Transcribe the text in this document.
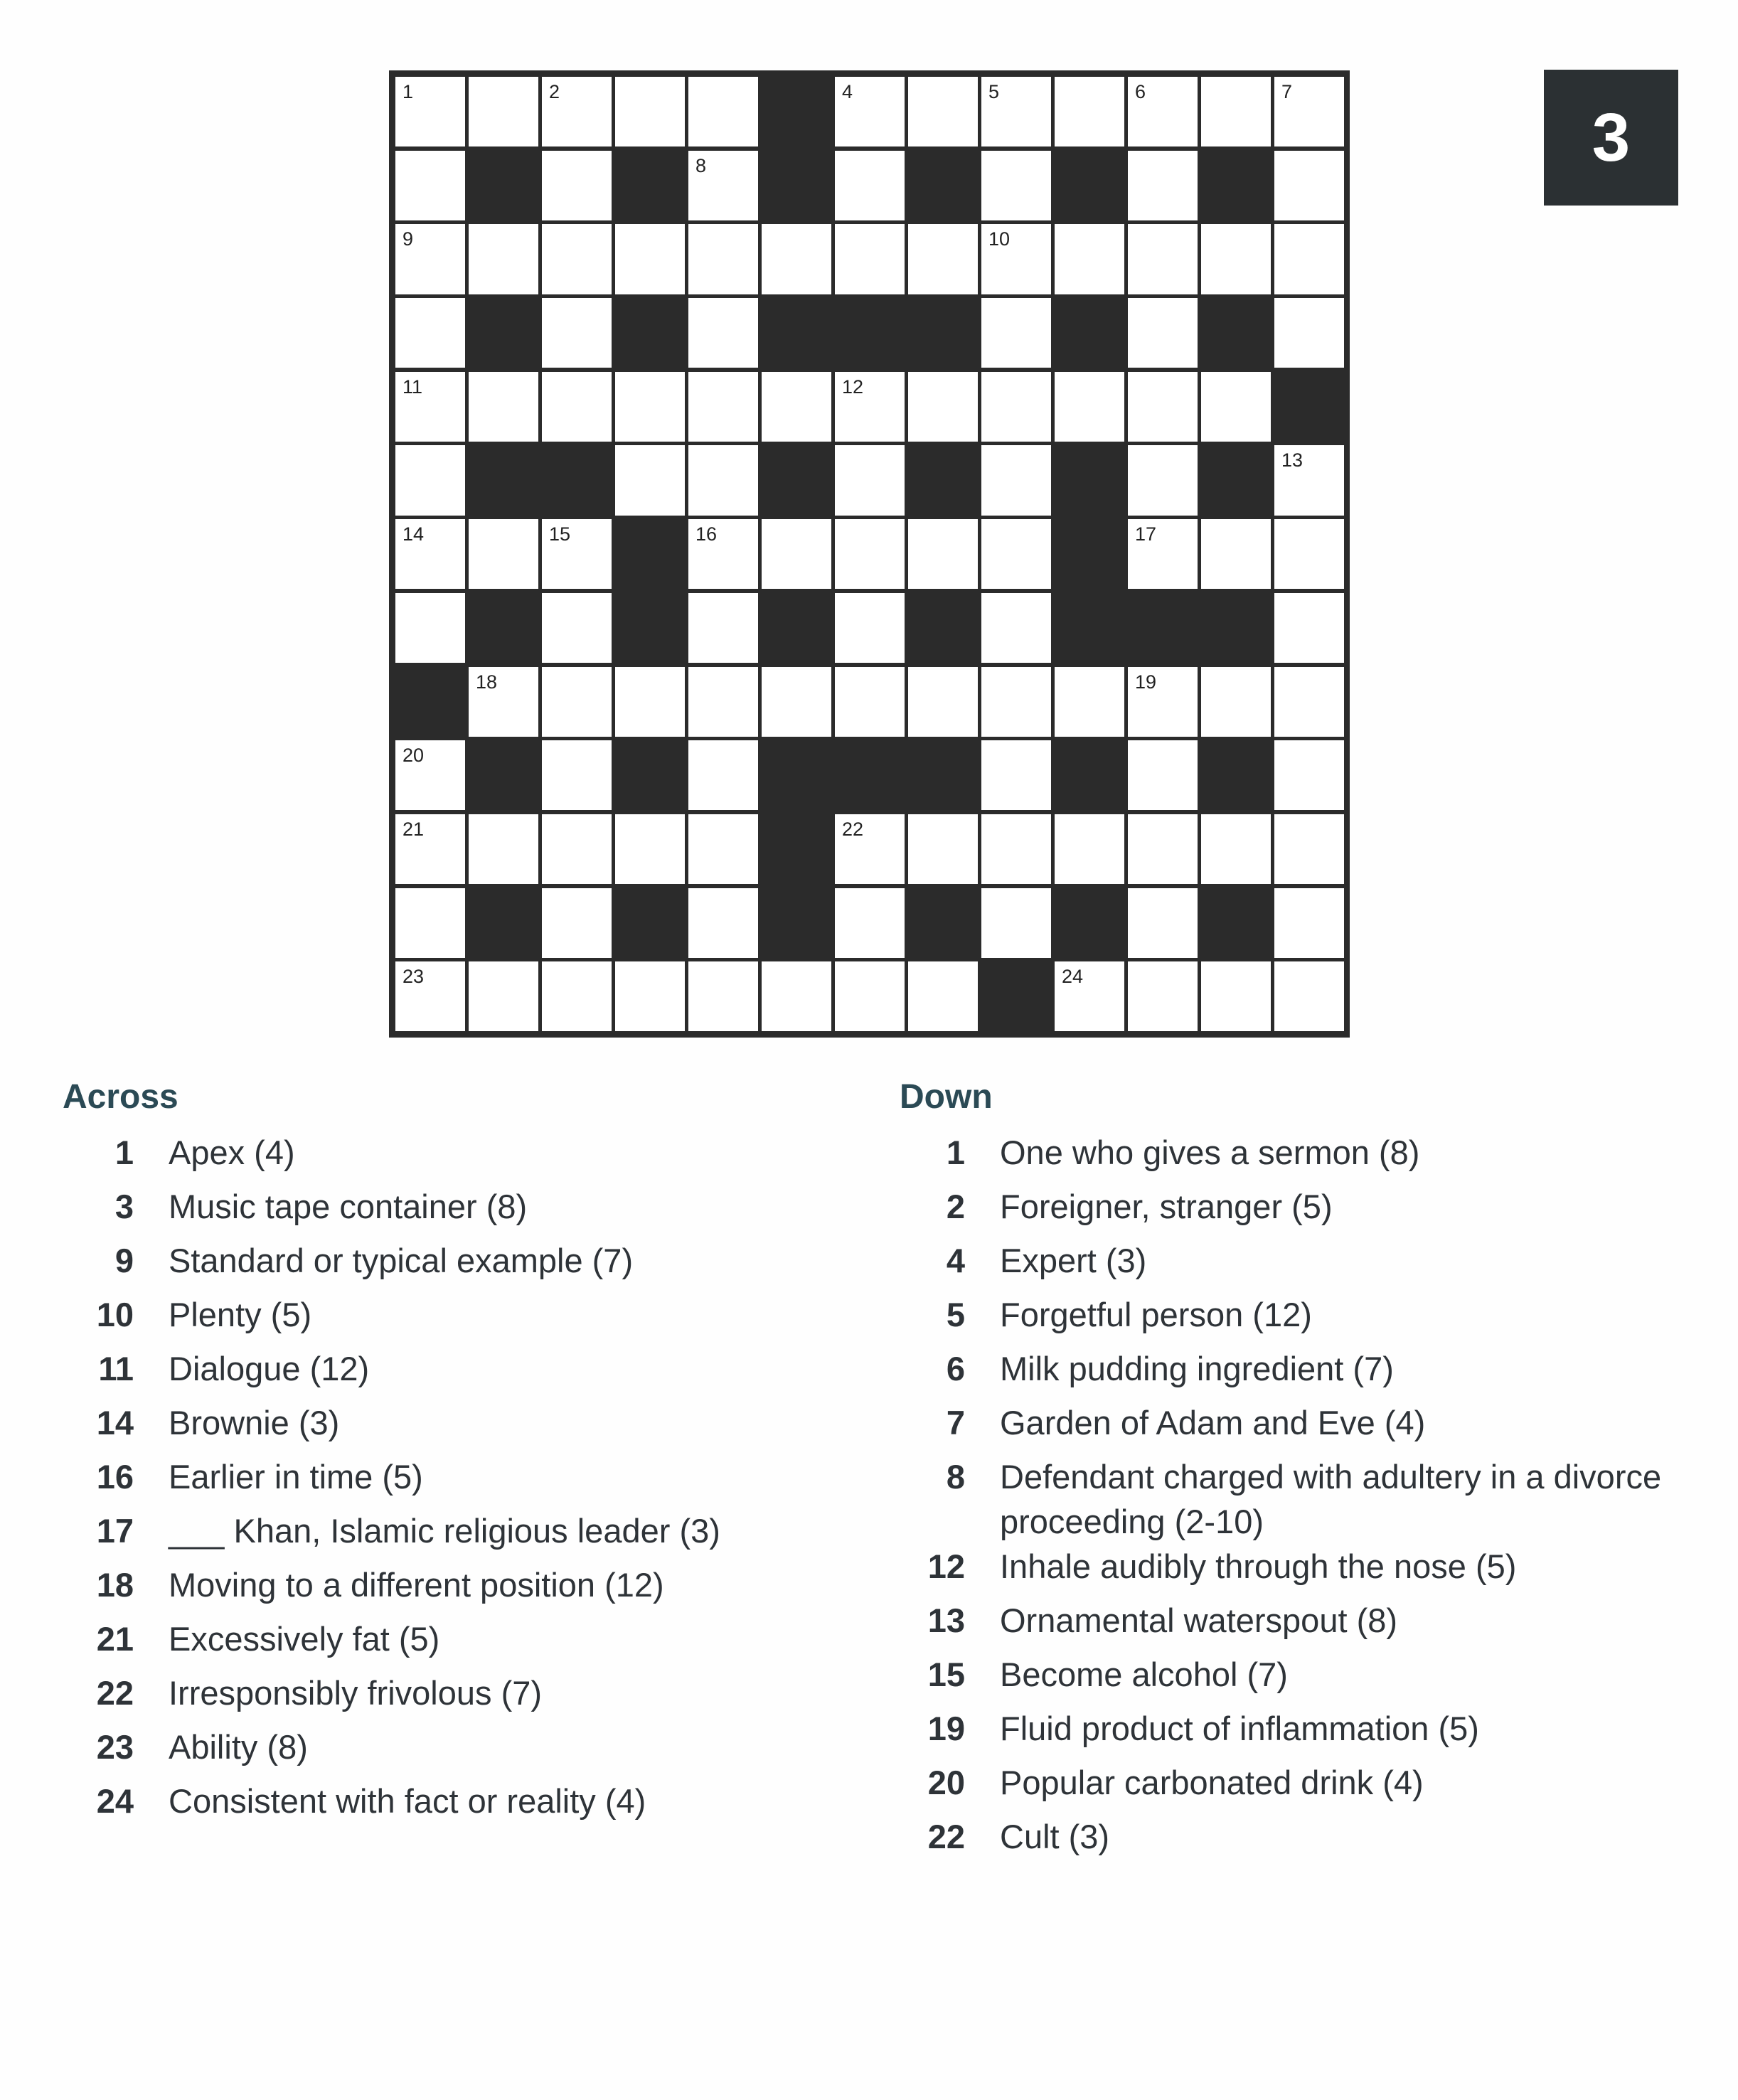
3
1	2	4	5	6	7
8
9	10
11	12
13
14	15	16	17
18	19
20
21	22
23	24
Across
1	Apex (4)
3	Music tape container (8)
9	Standard or typical example (7)
10	Plenty (5)
11	Dialogue (12)
14	Brownie (3)
16	Earlier in time (5)
17	___ Khan, Islamic religious leader (3)
18	Moving to a different position (12)
21	Excessively fat (5)
22	Irresponsibly frivolous (7)
23	Ability (8)
24	Consistent with fact or reality (4)
Down
1	One who gives a sermon (8)
2	Foreigner, stranger (5)
4	Expert (3)
5	Forgetful person (12)
6	Milk pudding ingredient (7)
7	Garden of Adam and Eve (4)
8	Defendant charged with adultery in a divorce proceeding (2-10)
12	Inhale audibly through the nose (5)
13	Ornamental waterspout (8)
15	Become alcohol (7)
19	Fluid product of inflammation (5)
20	Popular carbonated drink (4)
22	Cult (3)
